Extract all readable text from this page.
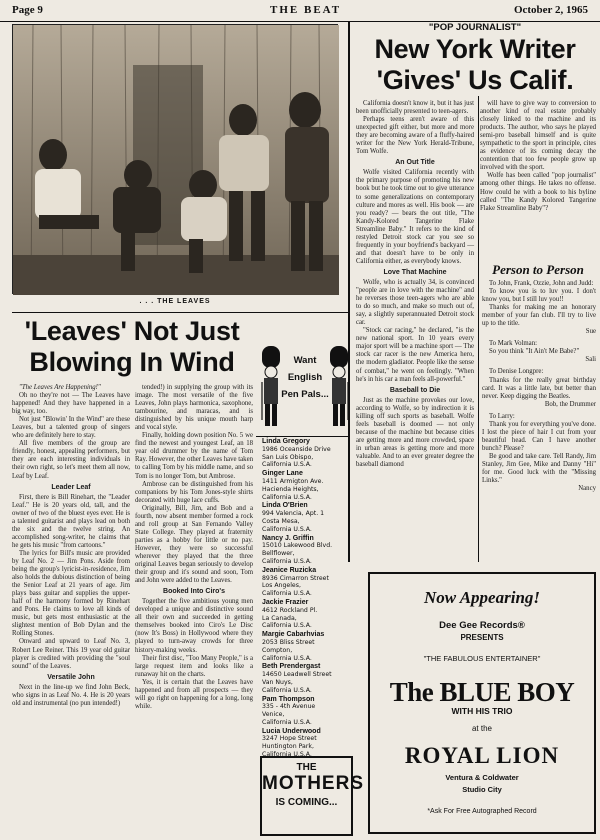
Page 9	THE BEAT	October 2, 1965
. . . THE LEAVES
'Leaves' Not Just
Blowing In Wind

"The Leaves Are Happening!"

Oh no they're not — The Leaves have happened! And they have happened in a big way, too.

Not just "Blowin' In the Wind" are these Leaves, but a talented group of singers who are definitely here to stay.

All five members of the group are friendly, honest, appealing performers, but they are each interesting individuals in their own right, so let's meet them all now, Leaf by Leaf.

Leader Leaf

First, there is Bill Rinehart, the "Leader Leaf." He is 20 years old, tall, and the owner of two of the bluest eyes ever. He is a talented guitarist and plays lead on both the six and the twelve string. An accomplished song-writer, he claims that he gets his music "from cartoons."

The lyrics for Bill's music are provided by Leaf No. 2 — Jim Pons. Aside from being the group's lyricist-in-residence, Jim also holds the dubious distinction of being the Senior Leaf at 21 years of age. Jim plays bass guitar and supplies the upper-half of the harmony formed by Rinehart and Pons. He claims to love all kinds of music, but gets most enthusiastic at the slightest mention of Bob Dylan and the Rolling Stones.

Onward and upward to Leaf No. 3, Robert Lee Reiner. This 19 year old guitar player is credited with providing the "soul sound" of the Leaves.

Versatile John

Next in the line-up we find John Beck, who signs in as Leaf No. 4. He is 20 years old and instrumental (no pun intended!)

tended!) in supplying the group with its image. The most versatile of the five Leaves, John plays harmonica, saxophone, tambourine, and maracas, and is distinguished by his unique mouth harp and vocal style.

Finally, holding down position No. 5 we find the newest and youngest Leaf, an 18 year old drummer by the name of Tom Ray. However, the other Leaves have taken to calling Tom by his middle name, and so Tom is no longer Tom, but Ambrose.

Ambrose can be distinguished from his companions by his Tom Jones-style shirts decorated with huge lace cuffs.

Originally, Bill, Jim, and Bob and a fourth, now absent member formed a rock and roll group at San Fernando Valley State College. They played at fraternity parties as a hobby for little or no pay. However, they were so successful wherever they played that the three original Leaves began seriously to develop their group and it's sound and soon, Tom and John were added to the Leaves.

Booked Into Ciro's

Together the five ambitious young men developed a unique and distinctive sound all their own and succeeded in getting themselves booked into Ciro's Le Disc (now It's Boss) in Hollywood where they played to turn-away crowds for three history-making weeks.

Their first disc, "Too Many People," is a large request item and looks like a runaway hit on the charts.

Yes, it is certain that the Leaves have happened and from all prospects — they will go right on happening for a long, long while.

Want
English
Pen Pals...
Linda Gregory
1986 Oceanside Drive
San Luis Obispo,
California U.S.A.
Ginger Lane
1411 Armigton Ave.
Hacienda Heights,
California U.S.A.
Linda O'Brien
994 Valencia, Apt. 1
Costa Mesa,
California U.S.A.
Nancy J. Griffin
15010 Lakewood Blvd.
Bellflower,
California U.S.A.
Jeanice Ruzicka
8936 Cimarron Street
Los Angeles,
California U.S.A.
Jackie Frazier
4612 Rockland Pl.
La Canada,
California U.S.A.
Margie Cabarhvias
2053 Bliss Street
Compton,
California U.S.A.
Beth Prendergast
14650 Leadwell Street
Van Nuys,
California U.S.A.
Pam Thompson
335 - 4th Avenue
Venice,
California U.S.A.
Lucia Underwood
3247 Hope Street
Huntington Park,
California U.S.A.
THE
MOTHERS
IS COMING...
"POP JOURNALIST"
New York Writer
'Gives' Us Calif.

California doesn't know it, but it has just been unofficially presented to teen-agers.

Perhaps teens aren't aware of this unexpected gift either, but more and more they are becoming aware of a fluffy-haired writer for the New York Herald-Tribune, Tom Wolfe.

An Out Title

Wolfe visited California recently with the primary purpose of promoting his new book but he took time out to give utterance to some generalizations on contemporary culture and mores as well. His book — are you ready? — bears the out title, "The Kandy-Kolored Tangerine Flake Streamline Baby." It refers to the kind of restyled Detroit stock car you see so frequently in your boyfriend's backyard — and that doesn't have to be only in California either, as everybody knows.

Love That Machine

Wolfe, who is actually 34, is convinced "people are in love with the machine" and he reverses those teen-agers who are able to do so much, and make so much out of, say, a slightly superannuated Detroit stock car.

"Stock car racing," he declared, "is the new national sport. In 10 years every major sport will be a machine sport — The stock car racer is the new America hero, the modern gladiator. People like the sense of combat," he went on feelingly. "When he's in his car a man feels all-powerful."

Baseball to Die

Just as the machine provokes our love, according to Wolfe, so by indirection it is killing off such sports as baseball. Wolfe feels baseball is doomed — not only because of the machine but because cities are getting more and more crowded, space in urban areas is getting more and more valuable. And to an ever greater degree the baseball diamond

will have to give way to conversion to another kind of real estate probably closely linked to the machine and its products. The author, who says he played semi-pro baseball himself and is quite sympathetic to the sport in principle, cites as evidence of its coming decay the contention that too few people grow up involved with the sport.

Wolfe has been called "pop journalist" among other things. He takes no offense. How could he with a book to his byline called "The Kandy Kolored Tangerine Flake Streamline Baby"?

Person to Person

To John, Frank, Ozzie, John and Judd:

To know you is to luv you. I don't know you, but I still luv you!!

Thanks for making me an honorary member of your fan club. I'll try to live up to the title.

Sue

To Mark Volman:

So you think "It Ain't Me Babe?"

Sali

To Denise Longpre:

Thanks for the really great birthday card. It was a little late, but better than never. Keep digging the Beatles.

Bob, the Drummer

To Larry:

Thank you for everything you've done. I lost the piece of hair I cut from your beautiful head. Can I have another bunch? Please?

Be good and take care. Tell Randy, Jim Stanley, Jim Gee, Mike and Danny "Hi" for me. Good luck with the "Missing Links."

Nancy

Now Appearing!
Dee Gee Records®
PRESENTS
"THE FABULOUS ENTERTAINER"
The BLUE BOY
WITH HIS TRIO
at the
ROYAL LION
Ventura & Coldwater
Studio City
*Ask For Free Autographed Record
